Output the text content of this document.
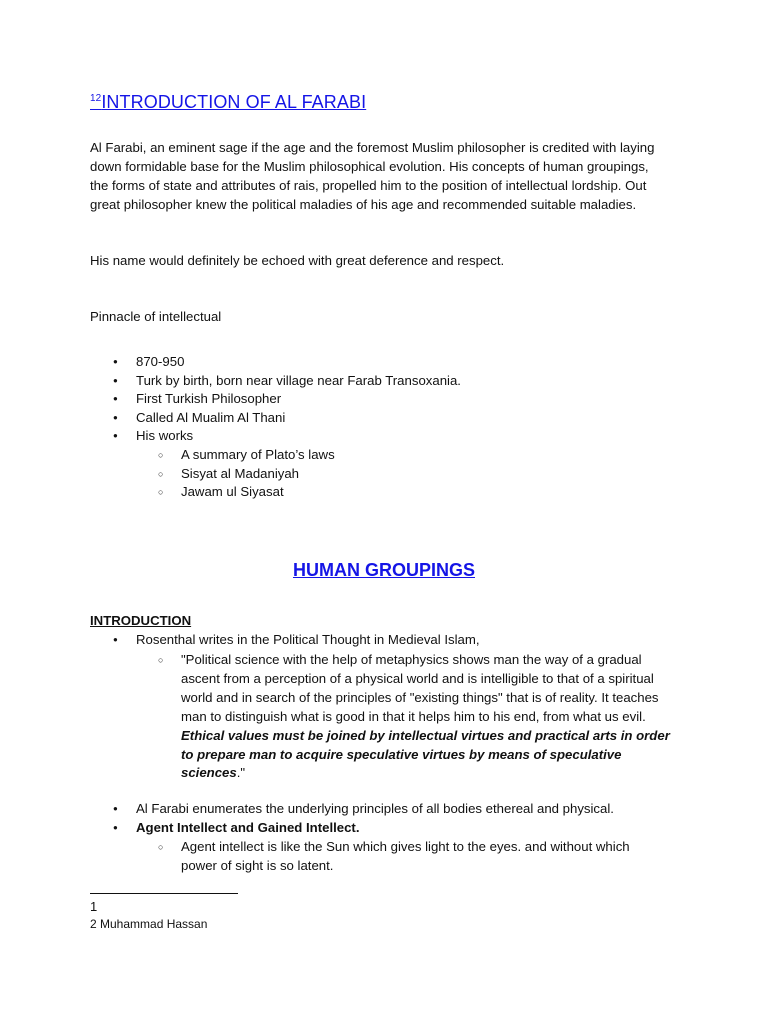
$^{12}$INTRODUCTION OF AL FARABI

Al Farabi, an eminent sage if the age and the foremost Muslim philosopher is credited with laying down formidable base for the Muslim philosophical evolution. His concepts of human groupings, the forms of state and attributes of rais, propelled him to the position of intellectual lordship. Out great philosopher knew the political maladies of his age and recommended suitable maladies.

His name would definitely be echoed with great deference and respect.

Pinnacle of intellectual
● 870-950
● Turk by birth, born near village near Farab Transoxania.
● First Turkish Philosopher
● Called Al Mualim Al Thani
● His works
○ A summary of Plato’s laws
○ Sisyat al Madaniyah
○ Jawam ul Siyasat
HUMAN GROUPINGS
INTRODUCTION
● Rosenthal writes in the Political Thought in Medieval Islam,
○ "Political science with the help of metaphysics shows man the way of a gradual ascent from a perception of a physical world and is intelligible to that of a spiritual world and in search of the principles of "existing things" that is of reality. It teaches man to distinguish what is good in that it helps him to his end, from what us evil. Ethical values must be joined by intellectual virtues and practical arts in order to prepare man to acquire speculative virtues by means of speculative sciences."
● Al Farabi enumerates the underlying principles of all bodies ethereal and physical.
● Agent Intellect and Gained Intellect.
○ Agent intellect is like the Sun which gives light to the eyes. and without which power of sight is so latent.
1
2 Muhammad Hassan
